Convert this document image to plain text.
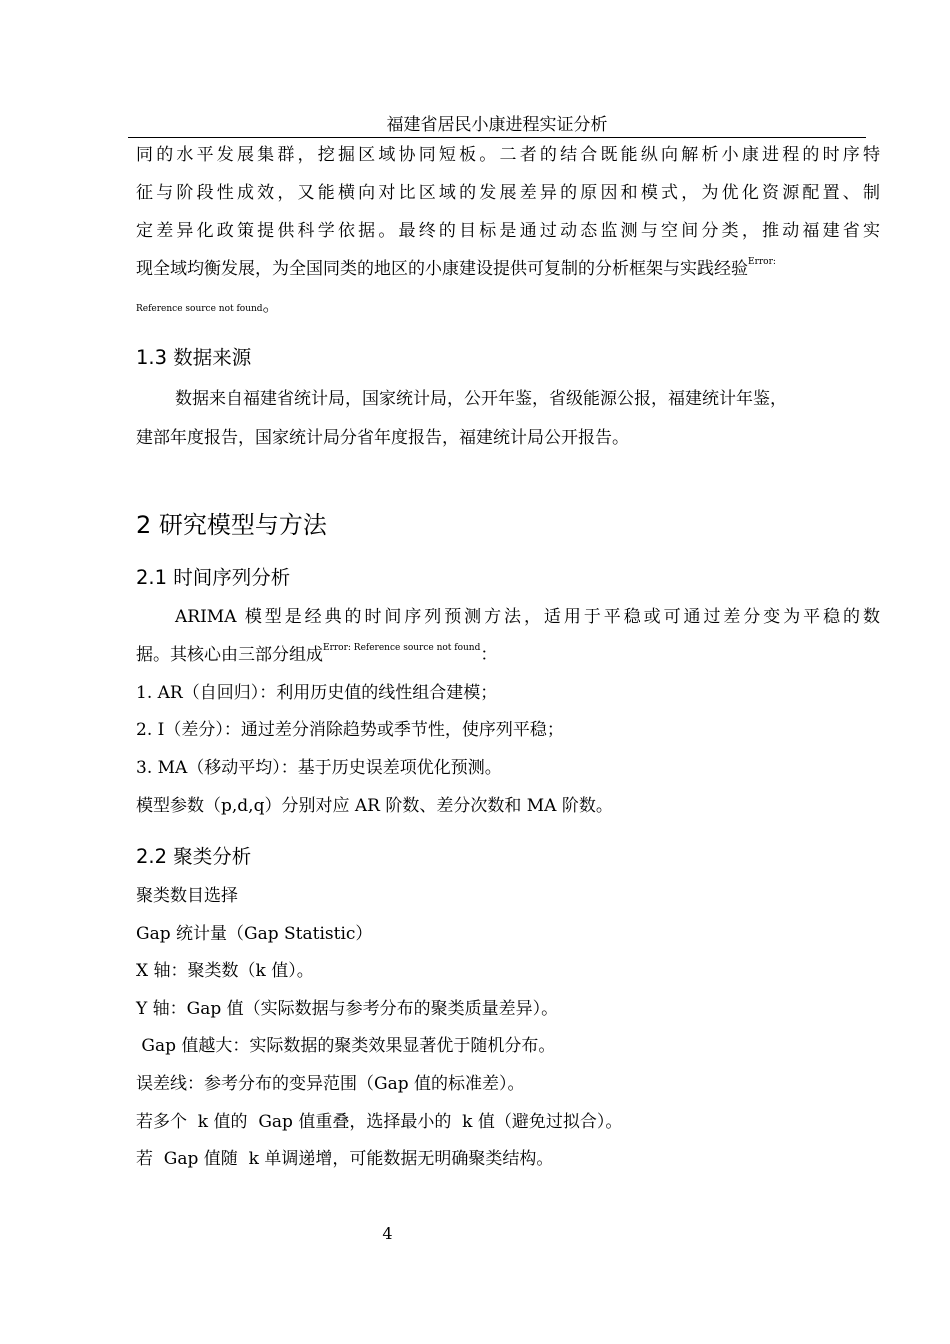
福建省居民小康进程实证分析
同的水平发展集群，挖掘区域协同短板。二者的结合既能纵向解析小康进程的时序特
征与阶段性成效，又能横向对比区域的发展差异的原因和模式，为优化资源配置、制
定差异化政策提供科学依据。最终的目标是通过动态监测与空间分类，推动福建省实
现全域均衡发展，为全国同类的地区的小康建设提供可复制的分析框架与实践经验$^{Error:}$
Reference source not found。
1.3 数据来源
数据来自福建省统计局，国家统计局，公开年鉴，省级能源公报，福建统计年鉴，
建部年度报告，国家统计局分省年度报告，福建统计局公开报告。
2 研究模型与方法
2.1 时间序列分析
ARIMA 模型是经典的时间序列预测方法，适用于平稳或可通过差分变为平稳的数
据。其核心由三部分组成$^{Error: Reference source not found}$：
1. AR（自回归）：利用历史值的线性组合建模；
2. I（差分）：通过差分消除趋势或季节性，使序列平稳；
3. MA（移动平均）：基于历史误差项优化预测。
模型参数（p,d,q）分别对应 AR 阶数、差分次数和 MA 阶数。
2.2 聚类分析
聚类数目选择
Gap 统计量（Gap Statistic）
X 轴：聚类数（k 值）。
Y 轴：Gap 值（实际数据与参考分布的聚类质量差异）。
Gap 值越大：实际数据的聚类效果显著优于随机分布。
误差线：参考分布的变异范围（Gap 值的标准差）。
若多个  k 值的  Gap 值重叠，选择最小的  k 值（避免过拟合）。
若  Gap 值随  k 单调递增，可能数据无明确聚类结构。
4
